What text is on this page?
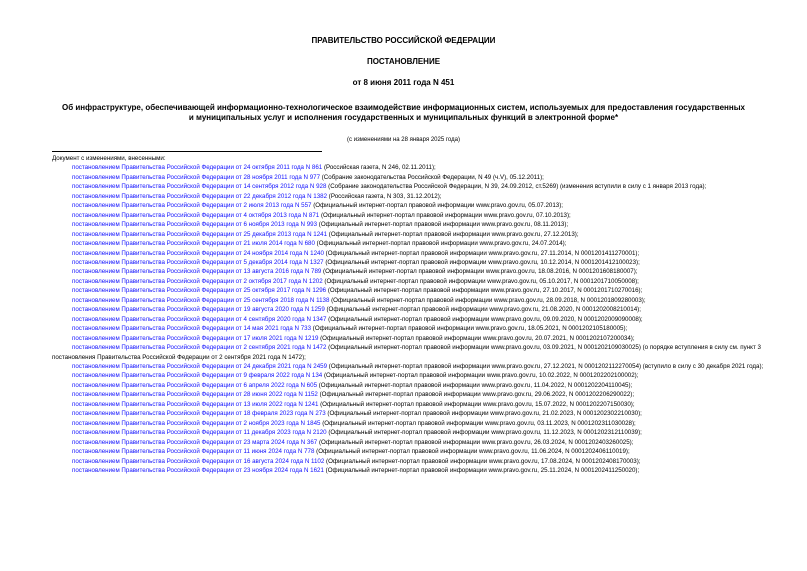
ПРАВИТЕЛЬСТВО РОССИЙСКОЙ ФЕДЕРАЦИИ
ПОСТАНОВЛЕНИЕ
от 8 июня 2011 года N 451
Об инфраструктуре, обеспечивающей информационно-технологическое взаимодействие информационных систем, используемых для предоставления государственных и муниципальных услуг и исполнения государственных и муниципальных функций в электронной форме*
(с изменениями на 28 января 2025 года)
Документ с изменениями, внесенными:
постановлением Правительства Российской Федерации от 24 октября 2011 года N 861 (Российская газета, N 246, 02.11.2011);
постановлением Правительства Российской Федерации от 28 ноября 2011 года N 977 (Собрание законодательства Российской Федерации, N 49 (ч.V), 05.12.2011);
постановлением Правительства Российской Федерации от 14 сентября 2012 года N 928 (Собрание законодательства Российской Федерации, N 39, 24.09.2012, ст.5269) (изменения вступили в силу с 1 января 2013 года);
постановлением Правительства Российской Федерации от 22 декабря 2012 года N 1382 (Российская газета, N 303, 31.12.2012);
постановлением Правительства Российской Федерации от 2 июля 2013 года N 557 (Официальный интернет-портал правовой информации www.pravo.gov.ru, 05.07.2013);
постановлением Правительства Российской Федерации от 4 октября 2013 года N 871 (Официальный интернет-портал правовой информации www.pravo.gov.ru, 07.10.2013);
постановлением Правительства Российской Федерации от 6 ноября 2013 года N 993 (Официальный интернет-портал правовой информации www.pravo.gov.ru, 08.11.2013);
постановлением Правительства Российской Федерации от 25 декабря 2013 года N 1241 (Официальный интернет-портал правовой информации www.pravo.gov.ru, 27.12.2013);
постановлением Правительства Российской Федерации от 21 июля 2014 года N 680 (Официальный интернет-портал правовой информации www.pravo.gov.ru, 24.07.2014);
постановлением Правительства Российской Федерации от 24 ноября 2014 года N 1240 (Официальный интернет-портал правовой информации www.pravo.gov.ru, 27.11.2014, N 0001201411270001);
постановлением Правительства Российской Федерации от 5 декабря 2014 года N 1327 (Официальный интернет-портал правовой информации www.pravo.gov.ru, 10.12.2014, N 0001201412100023);
постановлением Правительства Российской Федерации от 13 августа 2016 года N 789 (Официальный интернет-портал правовой информации www.pravo.gov.ru, 18.08.2016, N 0001201608180007);
постановлением Правительства Российской Федерации от 2 октября 2017 года N 1202 (Официальный интернет-портал правовой информации www.pravo.gov.ru, 05.10.2017, N 0001201710050008);
постановлением Правительства Российской Федерации от 25 октября 2017 года N 1296 (Официальный интернет-портал правовой информации www.pravo.gov.ru, 27.10.2017, N 0001201710270016);
постановлением Правительства Российской Федерации от 25 сентября 2018 года N 1138 (Официальный интернет-портал правовой информации www.pravo.gov.ru, 28.09.2018, N 0001201809280003);
постановлением Правительства Российской Федерации от 19 августа 2020 года N 1259 (Официальный интернет-портал правовой информации www.pravo.gov.ru, 21.08.2020, N 0001202008210014);
постановлением Правительства Российской Федерации от 4 сентября 2020 года N 1347 (Официальный интернет-портал правовой информации www.pravo.gov.ru, 09.09.2020, N 0001202009090008);
постановлением Правительства Российской Федерации от 14 мая 2021 года N 733 (Официальный интернет-портал правовой информации www.pravo.gov.ru, 18.05.2021, N 0001202105180005);
постановлением Правительства Российской Федерации от 17 июля 2021 года N 1219 (Официальный интернет-портал правовой информации www.pravo.gov.ru, 20.07.2021, N 0001202107200034);
постановлением Правительства Российской Федерации от 2 сентября 2021 года N 1472 (Официальный интернет-портал правовой информации www.pravo.gov.ru, 03.09.2021, N 0001202109030025) (о порядке вступления в силу см. пункт 3 постановления Правительства Российской Федерации от 2 сентября 2021 года N 1472);
постановлением Правительства Российской Федерации от 24 декабря 2021 года N 2459 (Официальный интернет-портал правовой информации www.pravo.gov.ru, 27.12.2021, N 0001202112270054) (вступило в силу с 30 декабря 2021 года);
постановлением Правительства Российской Федерации от 9 февраля 2022 года N 134 (Официальный интернет-портал правовой информации www.pravo.gov.ru, 10.02.2022, N 0001202202100002);
постановлением Правительства Российской Федерации от 6 апреля 2022 года N 605 (Официальный интернет-портал правовой информации www.pravo.gov.ru, 11.04.2022, N 0001202204110045);
постановлением Правительства Российской Федерации от 28 июня 2022 года N 1152 (Официальный интернет-портал правовой информации www.pravo.gov.ru, 29.06.2022, N 0001202206290022);
постановлением Правительства Российской Федерации от 13 июля 2022 года N 1241 (Официальный интернет-портал правовой информации www.pravo.gov.ru, 15.07.2022, N 0001202207150030);
постановлением Правительства Российской Федерации от 18 февраля 2023 года N 273 (Официальный интернет-портал правовой информации www.pravo.gov.ru, 21.02.2023, N 0001202302210030);
постановлением Правительства Российской Федерации от 2 ноября 2023 года N 1845 (Официальный интернет-портал правовой информации www.pravo.gov.ru, 03.11.2023, N 0001202311030028);
постановлением Правительства Российской Федерации от 11 декабря 2023 года N 2120 (Официальный интернет-портал правовой информации www.pravo.gov.ru, 11.12.2023, N 0001202312110039);
постановлением Правительства Российской Федерации от 23 марта 2024 года N 367 (Официальный интернет-портал правовой информации www.pravo.gov.ru, 26.03.2024, N 0001202403260025);
постановлением Правительства Российской Федерации от 11 июня 2024 года N 778 (Официальный интернет-портал правовой информации www.pravo.gov.ru, 11.06.2024, N 0001202406110019);
постановлением Правительства Российской Федерации от 16 августа 2024 года N 1102 (Официальный интернет-портал правовой информации www.pravo.gov.ru, 17.08.2024, N 0001202408170003);
постановлением Правительства Российской Федерации от 23 ноября 2024 года N 1621 (Официальный интернет-портал правовой информации www.pravo.gov.ru, 25.11.2024, N 0001202411250020);
